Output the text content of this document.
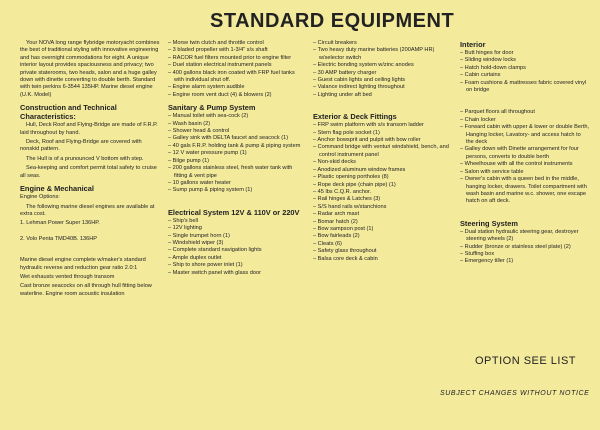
STANDARD EQUIPMENT

Your NOVA long range flybridge motoryacht combines the best of traditional styling with innovative engineering and has overnight commodations for eight. A unique interior layout provides spaciousness and privacy; two private staterooms, two heads, salon and a huge galley down with dinette converting to double berth. Standard with twin perkins 6-3544 135HP. Marine diesel engine (U.K. Model)

Construction and Technical Characteristics:

Hull, Deck Roof and Flying-Bridge are made of F.R.P. laid throughout by hand.

Deck, Roof and Flying-Bridge are covered with nonskid pattern.

The Hull is of a prunounced V bottom with step.

Sea-keeping and comfort permit total safety to cruise all seas.

Engine & Mechanical

Engine Options:

The following marine diesel engines are available at extra cost.

1. Lehman Power Super 136HP.

2. Volo Penta TMD40B. 136HP

Marine diesel engine complete w/maker's standard hydraulic reverse and reduction gear ratio 2.0:1

Wet exhausts vented through transom

Cast bronze seacocks on all through hull fitting below waterline. Engine room acoustic insulation

– Morse twin clutch and throttle control
– 3 bladed propeller with 1-3/4" s/s shaft
– RACOR fuel filters mounted prior to engine filter
– Duel station electrical instrument panels
– 400 gallons black iron coated with FRP fuel tanks with individual shut off.
– Engine alarm system audible
– Engine room vent duct (4) & blowers (2)
Sanitary & Pump System
– Manual toilet with sea-cock (2)
– Wash basin (2)
– Shower head & control
– Galley sink with DELTA faucet and seacock (1)
– 40 gals F.R.P. holding tank & pump & piping system
– 12 V water pressure pump (1)
– Bilge pump (1)
– 200 gallons stainless steel, fresh water tank with fitting & vent pipe
– 10 gallons water heater
– Sump pump & piping system (1)
Electrical System 12V & 110V or 220V
– Ship's bell
– 12V lighting
– Single trumpet horn (1)
– Windshield wiper (3)
– Complete standard navigation lights
– Ample duplex outlet
– Ship to shore power inlet (1)
– Master switch panel with glass door
– Circuit breakers
– Two heavy duty marine batteries (200AMP HR) w/selector switch
– Electric bonding system w/zinc anodes
– 30 AMP battery charger
– Guest cabin lights and ceiling lights
– Valance indirect lighting throughout
– Lighting under aft bed
Exterior & Deck Fittings
– FRP swim platform with s/s transom ladder
– Stern flag pole socket (1)
– Anchor bowsprit and pulpit with bow roller
– Command bridge with venturi windshield, bench, and control instrument panel
– Non-skid decks
– Anodized aluminum window frames
– Plastic opening portholes (8)
– Rope deck pipe (chain pipe) (1)
– 45 lbs C.Q.R. anchor.
– Rail hinges & Latches (3)
– S/S hand rails w/stanchions
– Radar arch mast
– Bomar hatch (2)
– Bow sampson post (1)
– Bow fairleads (2)
– Cleats (6)
– Safety glass throughout
– Balsa core deck & cabin
Interior
– Butt hinges for door
– Sliding window locks
– Hatch hold-down clamps
– Cabin curtains
– Foam cushions & mattresses fabric covered vinyl on bridge
– Parquet floors all throughout
– Chain locker
– Forward cabin with upper & lower or double Berth, Hanging locker, Lavatory- and access hatch to the deck
– Galley down with Dinette arrangement for four persons, converts to double berth
– Wheelhouse with all the control instruments
– Salon with service table
– Owner's cabin with a queen bed in the middle, hanging locker, drawers. Toilet compartment with wash basin and marine w.c. shower, one escape hatch on aft deck.
Steering System
– Dual station hydraulic steering gear, destroyer steering wheels (2)
– Rudder (bronze or stainless steel plate) (2)
– Stuffing box
– Emergency tiller (1)
OPTION SEE LIST
SUBJECT CHANGES WITHOUT NOTICE
